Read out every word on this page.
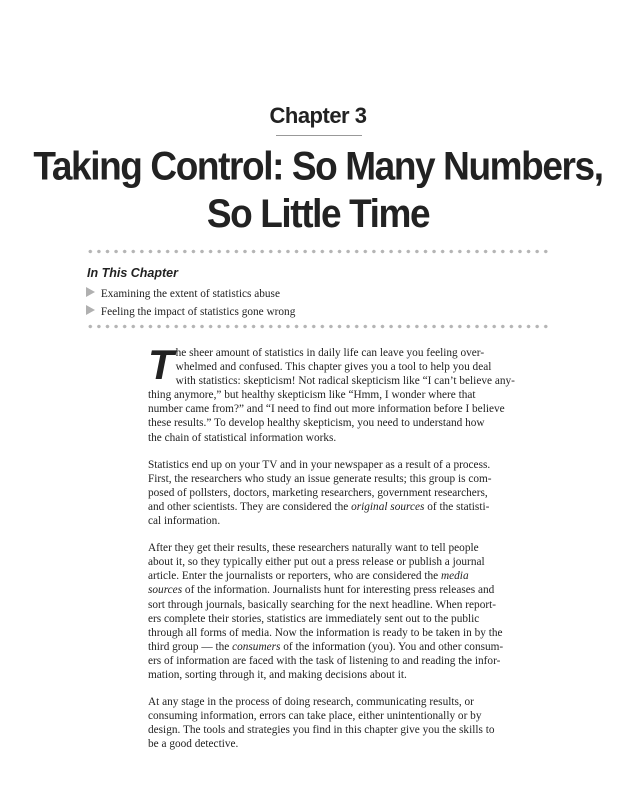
Chapter 3
Taking Control: So Many Numbers,
So Little Time
In This Chapter
Examining the extent of statistics abuse
Feeling the impact of statistics gone wrong

T he sheer amount of statistics in daily life can leave you feeling over-
whelmed and confused. This chapter gives you a tool to help you deal
with statistics: skepticism! Not radical skepticism like “I can’t believe any-
thing anymore,” but healthy skepticism like “Hmm, I wonder where that
number came from?” and “I need to find out more information before I believe
these results.” To develop healthy skepticism, you need to understand how
the chain of statistical information works.

Statistics end up on your TV and in your newspaper as a result of a process.
First, the researchers who study an issue generate results; this group is com-
posed of pollsters, doctors, marketing researchers, government researchers,
and other scientists. They are considered the original sources of the statisti-
cal information.

After they get their results, these researchers naturally want to tell people
about it, so they typically either put out a press release or publish a journal
article. Enter the journalists or reporters, who are considered the media
sources of the information. Journalists hunt for interesting press releases and
sort through journals, basically searching for the next headline. When report-
ers complete their stories, statistics are immediately sent out to the public
through all forms of media. Now the information is ready to be taken in by the
third group — the consumers of the information (you). You and other consum-
ers of information are faced with the task of listening to and reading the infor-
mation, sorting through it, and making decisions about it.

At any stage in the process of doing research, communicating results, or
consuming information, errors can take place, either unintentionally or by
design. The tools and strategies you find in this chapter give you the skills to
be a good detective.
